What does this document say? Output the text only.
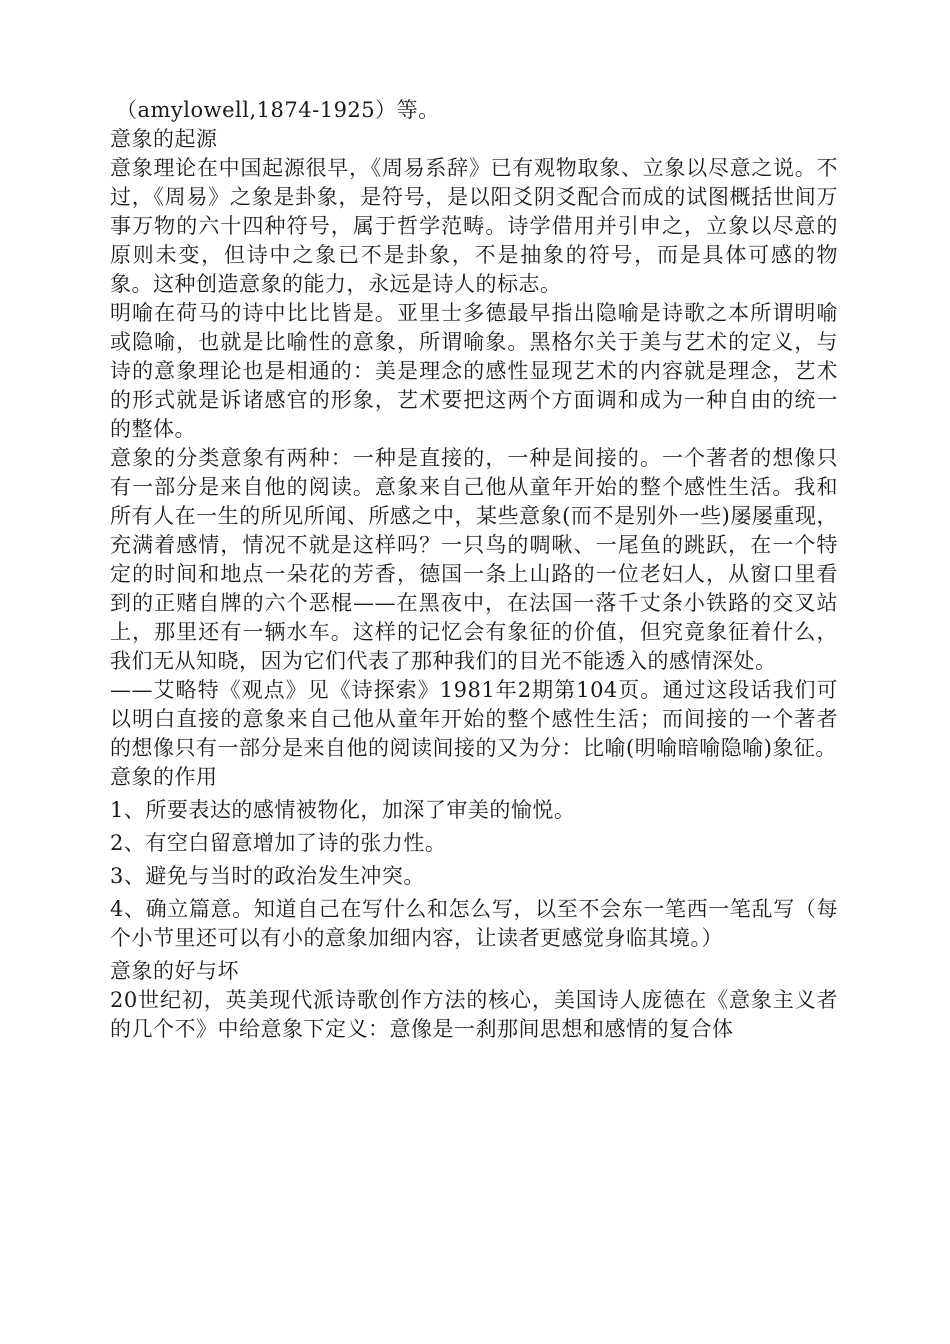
（amylowell,1874-1925）等。

意象的起源

意象理论在中国起源很早，《周易系辞》已有观物取象、立象以尽意之说。不过，《周易》之象是卦象，是符号，是以阳爻阴爻配合而成的试图概括世间万事万物的六十四种符号，属于哲学范畴。诗学借用并引申之，立象以尽意的原则未变，但诗中之象已不是卦象，不是抽象的符号，而是具体可感的物象。这种创造意象的能力，永远是诗人的标志。

明喻在荷马的诗中比比皆是。亚里士多德最早指出隐喻是诗歌之本所谓明喻或隐喻，也就是比喻性的意象，所谓喻象。黑格尔关于美与艺术的定义，与诗的意象理论也是相通的：美是理念的感性显现艺术的内容就是理念，艺术的形式就是诉诸感官的形象，艺术要把这两个方面调和成为一种自由的统一的整体。

意象的分类意象有两种：一种是直接的，一种是间接的。一个著者的想像只有一部分是来自他的阅读。意象来自己他从童年开始的整个感性生活。我和所有人在一生的所见所闻、所感之中，某些意象(而不是别外一些)屡屡重现，充满着感情，情况不就是这样吗？一只鸟的啁啾、一尾鱼的跳跃，在一个特定的时间和地点一朵花的芳香，德国一条上山路的一位老妇人，从窗口里看到的正赌自牌的六个恶棍——在黑夜中，在法国一落千丈条小铁路的交叉站上，那里还有一辆水车。这样的记忆会有象征的价值，但究竟象征着什么，我们无从知晓，因为它们代表了那种我们的目光不能透入的感情深处。

——艾略特《观点》见《诗探索》1981年2期第104页。通过这段话我们可以明白直接的意象来自己他从童年开始的整个感性生活；而间接的一个著者的想像只有一部分是来自他的阅读间接的又为分：比喻(明喻暗喻隐喻)象征。

意象的作用

1、所要表达的感情被物化，加深了审美的愉悦。

2、有空白留意增加了诗的张力性。

3、避免与当时的政治发生冲突。

4、确立篇意。知道自己在写什么和怎么写，以至不会东一笔西一笔乱写（每个小节里还可以有小的意象加细内容，让读者更感觉身临其境。）

意象的好与坏

20世纪初，英美现代派诗歌创作方法的核心，美国诗人庞德在《意象主义者的几个不》中给意象下定义：意像是一刹那间思想和感情的复合体
